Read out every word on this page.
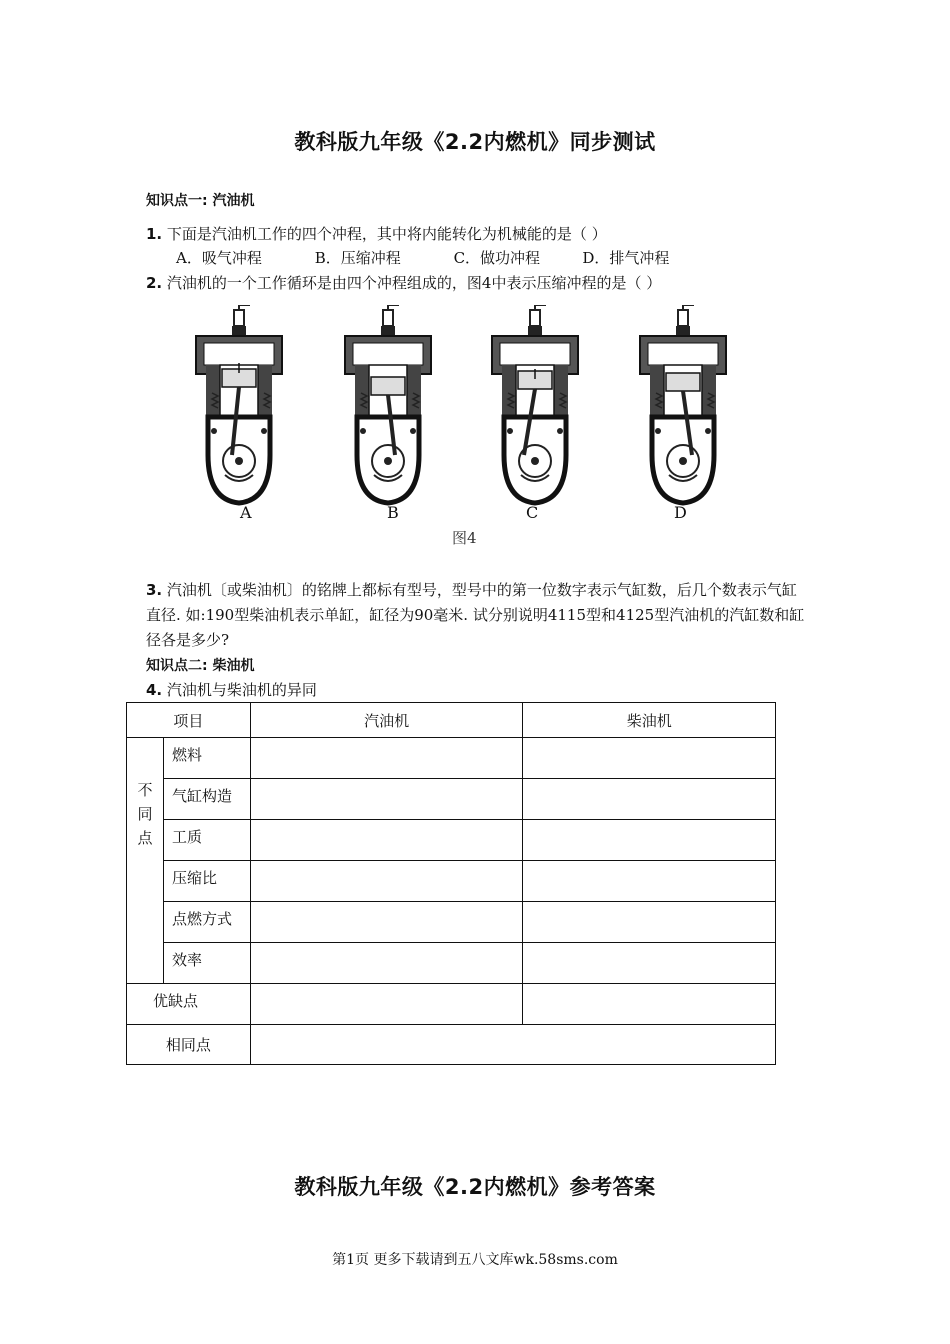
教科版九年级《2.2内燃机》同步测试
知识点一: 汽油机
1. 下面是汽油机工作的四个冲程，其中将内能转化为机械能的是（ ）
A．吸气冲程	B．压缩冲程	C．做功冲程	D．排气冲程
2. 汽油机的一个工作循环是由四个冲程组成的，图4中表示压缩冲程的是（ ）
A	B	C	D
图4
3. 汽油机〔或柴油机〕的铭牌上都标有型号，型号中的第一位数字表示气缸数，后几个数表示气缸直径. 如:190型柴油机表示单缸，缸径为90毫米. 试分别说明4115型和4125型汽油机的汽缸数和缸径各是多少?
知识点二: 柴油机
4. 汽油机与柴油机的异同
项目		汽油机	柴油机

不同点	燃料		

	气缸构造		

	工质		

	压缩比		

	点燃方式		

	效率		

优缺点			

相同点			
教科版九年级《2.2内燃机》参考答案
第1页 更多下载请到五八文库wk.58sms.com
